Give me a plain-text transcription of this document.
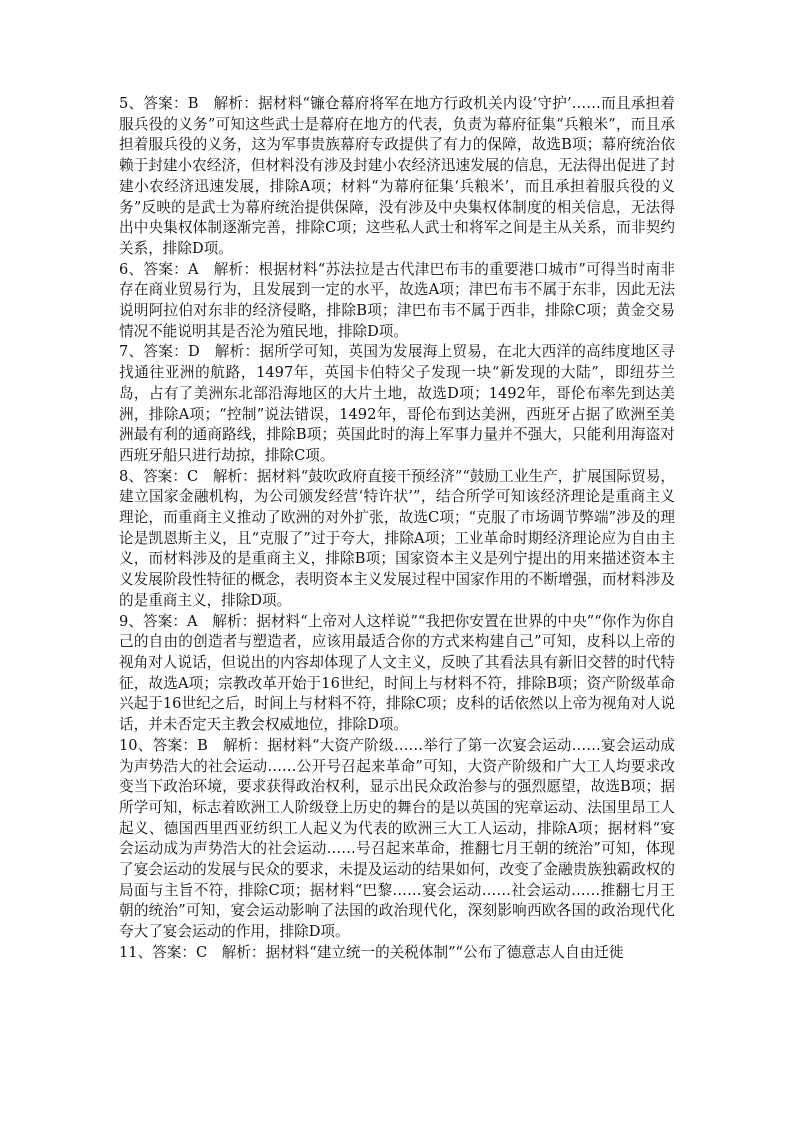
5、答案：B　解析：据材料“镰仓幕府将军在地方行政机关内设‘守护’……而且承担着服兵役的义务”可知这些武士是幕府在地方的代表，负责为幕府征集“兵粮米”，而且承担着服兵役的义务，这为军事贵族幕府专政提供了有力的保障，故选B项；幕府统治依赖于封建小农经济，但材料没有涉及封建小农经济迅速发展的信息，无法得出促进了封建小农经济迅速发展，排除A项；材料“为幕府征集‘兵粮米’，而且承担着服兵役的义务”反映的是武士为幕府统治提供保障，没有涉及中央集权体制度的相关信息，无法得出中央集权体制逐渐完善，排除C项；这些私人武士和将军之间是主从关系，而非契约关系，排除D项。

6、答案：A　解析：根据材料“苏法拉是古代津巴布韦的重要港口城市”可得当时南非存在商业贸易行为，且发展到一定的水平，故选A项；津巴布韦不属于东非，因此无法说明阿拉伯对东非的经济侵略，排除B项；津巴布韦不属于西非，排除C项；黄金交易情况不能说明其是否沦为殖民地，排除D项。

7、答案：D　解析：据所学可知，英国为发展海上贸易，在北大西洋的高纬度地区寻找通往亚洲的航路，1497年，英国卡伯特父子发现一块“新发现的大陆”，即纽芬兰岛，占有了美洲东北部沿海地区的大片土地，故选D项；1492年，哥伦布率先到达美洲，排除A项；“控制”说法错误，1492年，哥伦布到达美洲，西班牙占据了欧洲至美洲最有利的通商路线，排除B项；英国此时的海上军事力量并不强大，只能利用海盗对西班牙船只进行劫掠，排除C项。

8、答案：C　解析：据材料“鼓吹政府直接干预经济”“鼓励工业生产，扩展国际贸易，建立国家金融机构，为公司颁发经营‘特许状’”，结合所学可知该经济理论是重商主义理论，而重商主义推动了欧洲的对外扩张，故选C项；“克服了市场调节弊端”涉及的理论是凯恩斯主义，且“克服了”过于夸大，排除A项；工业革命时期经济理论应为自由主义，而材料涉及的是重商主义，排除B项；国家资本主义是列宁提出的用来描述资本主义发展阶段性特征的概念，表明资本主义发展过程中国家作用的不断增强，而材料涉及的是重商主义，排除D项。

9、答案：A　解析：据材料“上帝对人这样说”“我把你安置在世界的中央”“你作为你自己的自由的创造者与塑造者，应该用最适合你的方式来构建自己”可知，皮科以上帝的视角对人说话，但说出的内容却体现了人文主义，反映了其看法具有新旧交替的时代特征，故选A项；宗教改革开始于16世纪，时间上与材料不符，排除B项；资产阶级革命兴起于16世纪之后，时间上与材料不符，排除C项；皮科的话依然以上帝为视角对人说话，并未否定天主教会权威地位，排除D项。

10、答案：B　解析：据材料“大资产阶级……举行了第一次宴会运动……宴会运动成为声势浩大的社会运动……公开号召起来革命”可知，大资产阶级和广大工人均要求改变当下政治环境，要求获得政治权利，显示出民众政治参与的强烈愿望，故选B项；据所学可知，标志着欧洲工人阶级登上历史的舞台的是以英国的宪章运动、法国里昂工人起义、德国西里西亚纺织工人起义为代表的欧洲三大工人运动，排除A项；据材料“宴会运动成为声势浩大的社会运动……号召起来革命，推翻七月王朝的统治”可知，体现了宴会运动的发展与民众的要求，未提及运动的结果如何，改变了金融贵族独霸政权的局面与主旨不符，排除C项；据材料“巴黎……宴会运动……社会运动……推翻七月王朝的统治”可知，宴会运动影响了法国的政治现代化，深刻影响西欧各国的政治现代化夸大了宴会运动的作用，排除D项。

11、答案：C　解析：据材料“建立统一的关税体制”“公布了德意志人自由迁徙
